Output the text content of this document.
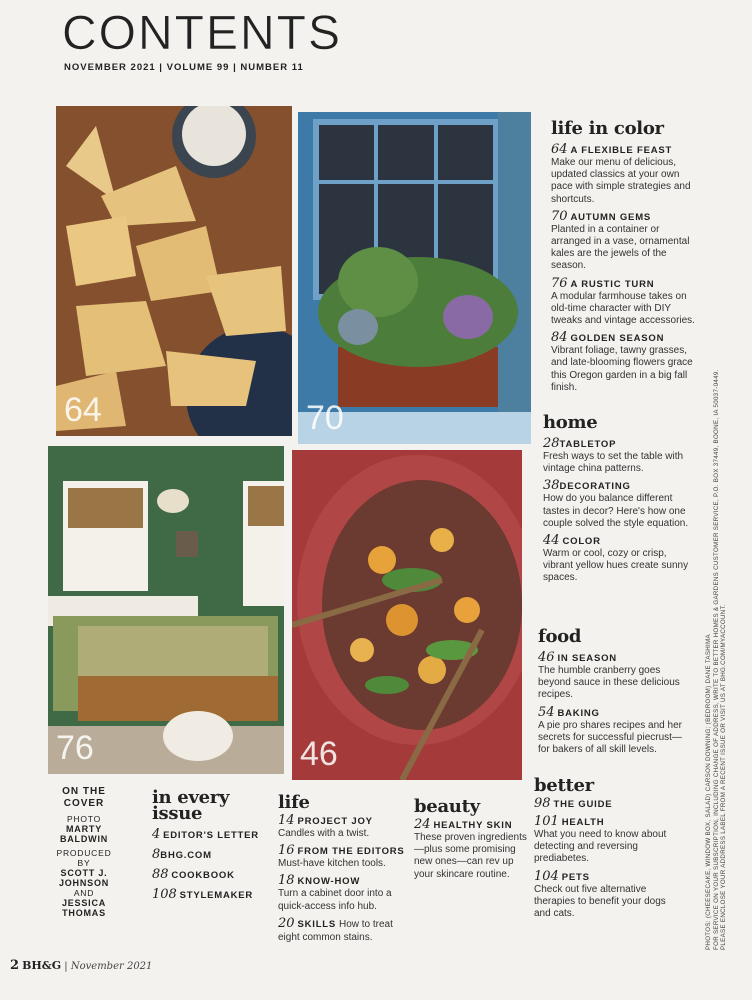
CONTENTS
NOVEMBER 2021 | VOLUME 99 | NUMBER 11
64	70
76	46
life in color
64 A FLEXIBLE FEAST
Make our menu of delicious, updated classics at your own pace with simple strategies and shortcuts.
70 AUTUMN GEMS
Planted in a container or arranged in a vase, ornamental kales are the jewels of the season.
76 A RUSTIC TURN
A modular farmhouse takes on old-time character with DIY tweaks and vintage accessories.
84 GOLDEN SEASON
Vibrant foliage, tawny grasses, and late-blooming flowers grace this Oregon garden in a big fall finish.
home
28TABLETOP
Fresh ways to set the table with vintage china patterns.
38DECORATING
How do you balance different tastes in decor? Here's how one couple solved the style equation.
44 COLOR
Warm or cool, cozy or crisp, vibrant yellow hues create sunny spaces.
food
46 IN SEASON
The humble cranberry goes beyond sauce in these delicious recipes.
54 BAKING
A pie pro shares recipes and her secrets for successful piecrust—for bakers of all skill levels.
better
98 THE GUIDE
101 HEALTH
What you need to know about detecting and reversing prediabetes.
104 PETS
Check out five alternative therapies to benefit your dogs and cats.
ON THE
COVER
PHOTO
MARTY
BALDWIN
PRODUCED
BY
SCOTT J.
JOHNSON
AND
JESSICA
THOMAS
in every
issue
4 EDITOR'S LETTER
8BHG.COM
88 COOKBOOK
108 STYLEMAKER
life
14 PROJECT JOY
Candles with a twist.
16 FROM THE EDITORS
Must-have kitchen tools.
18 KNOW-HOW
Turn a cabinet door into a quick-access info hub.
20 SKILLS How to treat eight common stains.
beauty
24 HEALTHY SKIN
These proven ingredients—plus some promising new ones—can rev up your skincare routine.
2 BH&G | November 2021
PHOTOS: (CHEESECAKE, WINDOW BOX, SALAD) CARSON DOWNING; (BEDROOM) DANE TASHIMA
FOR SERVICE ON YOUR SUBSCRIPTION, INCLUDING CHANGE OF ADDRESS, WRITE TO BETTER HOMES & GARDENS CUSTOMER SERVICE, P.O. BOX 37449, BOONE, IA 50037-0449.
PLEASE ENCLOSE YOUR ADDRESS LABEL FROM A RECENT ISSUE OR VISIT US AT BHG.COM/MYACCOUNT.
